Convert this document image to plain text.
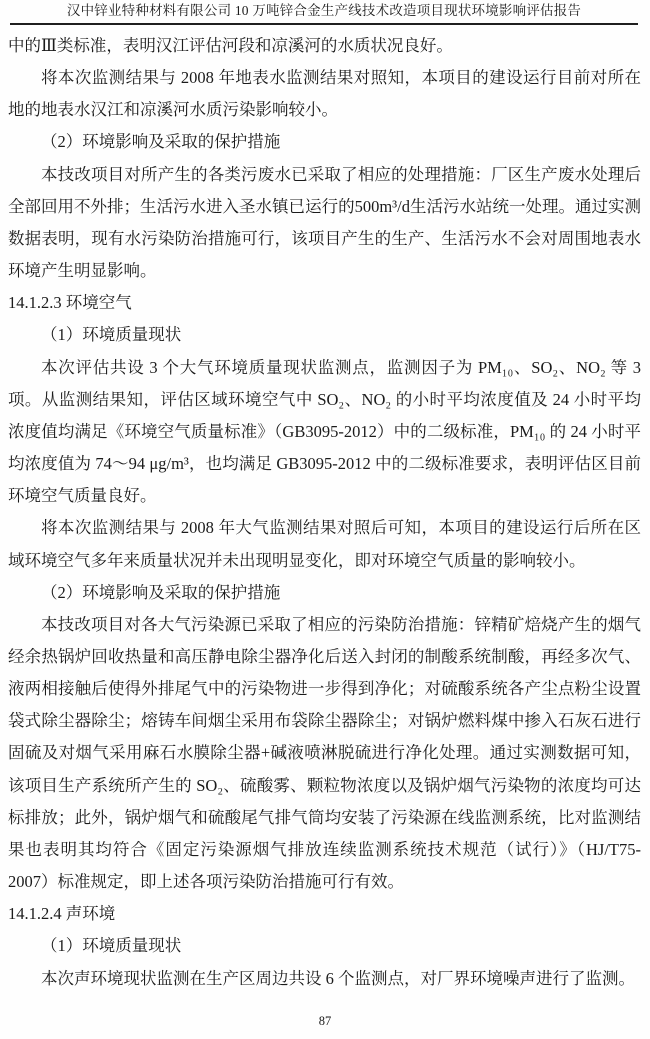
汉中锌业特种材料有限公司 10 万吨锌合金生产线技术改造项目现状环境影响评估报告

中的Ⅲ类标准，表明汉江评估河段和凉溪河的水质状况良好。

将本次监测结果与 2008 年地表水监测结果对照知，本项目的建设运行目前对所在地的地表水汉江和凉溪河水质污染影响较小。

（2）环境影响及采取的保护措施

本技改项目对所产生的各类污废水已采取了相应的处理措施：厂区生产废水处理后全部回用不外排；生活污水进入圣水镇已运行的500m³/d生活污水站统一处理。通过实测数据表明，现有水污染防治措施可行，该项目产生的生产、生活污水不会对周围地表水环境产生明显影响。

14.1.2.3 环境空气

（1）环境质量现状

本次评估共设 3 个大气环境质量现状监测点，监测因子为 PM₁₀、SO₂、NO₂ 等 3 项。从监测结果知，评估区域环境空气中 SO₂、NO₂ 的小时平均浓度值及 24 小时平均浓度值均满足《环境空气质量标准》（GB3095-2012）中的二级标准，PM₁₀ 的 24 小时平均浓度值为 74～94 μg/m³，也均满足 GB3095-2012 中的二级标准要求，表明评估区目前环境空气质量良好。

将本次监测结果与 2008 年大气监测结果对照后可知，本项目的建设运行后所在区域环境空气多年来质量状况并未出现明显变化，即对环境空气质量的影响较小。

（2）环境影响及采取的保护措施

本技改项目对各大气污染源已采取了相应的污染防治措施：锌精矿焙烧产生的烟气经余热锅炉回收热量和高压静电除尘器净化后送入封闭的制酸系统制酸，再经多次气、液两相接触后使得外排尾气中的污染物进一步得到净化；对硫酸系统各产尘点粉尘设置袋式除尘器除尘；熔铸车间烟尘采用布袋除尘器除尘；对锅炉燃料煤中掺入石灰石进行固硫及对烟气采用麻石水膜除尘器+碱液喷淋脱硫进行净化处理。通过实测数据可知，该项目生产系统所产生的 SO₂、硫酸雾、颗粒物浓度以及锅炉烟气污染物的浓度均可达标排放；此外，锅炉烟气和硫酸尾气排气筒均安装了污染源在线监测系统，比对监测结果也表明其均符合《固定污染源烟气排放连续监测系统技术规范（试行）》（HJ/T75-2007）标准规定，即上述各项污染防治措施可行有效。

14.1.2.4 声环境

（1）环境质量现状

本次声环境现状监测在生产区周边共设 6 个监测点，对厂界环境噪声进行了监测。

87
